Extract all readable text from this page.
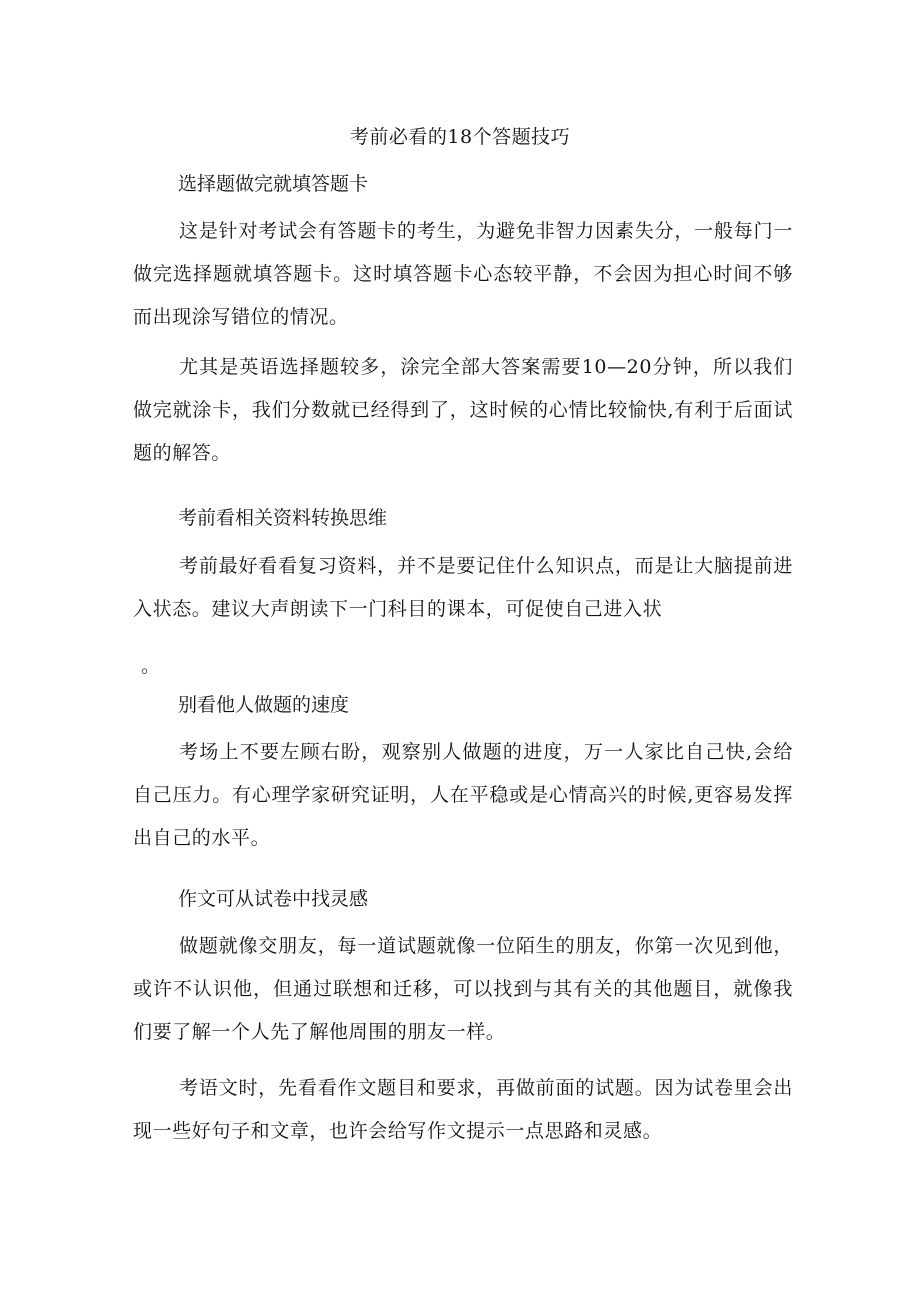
考前必看的18个答题技巧
选择题做完就填答题卡
这是针对考试会有答题卡的考生，为避免非智力因素失分，一般每门一做完选择题就填答题卡。这时填答题卡心态较平静，不会因为担心时间不够而出现涂写错位的情况。
尤其是英语选择题较多，涂完全部大答案需要10—20分钟，所以我们做完就涂卡，我们分数就已经得到了，这时候的心情比较愉快,有利于后面试题的解答。
考前看相关资料转换思维
考前最好看看复习资料，并不是要记住什么知识点，而是让大脑提前进入状态。建议大声朗读下一门科目的课本，可促使自己进入状
。
别看他人做题的速度
考场上不要左顾右盼，观察别人做题的进度，万一人家比自己快,会给自己压力。有心理学家研究证明，人在平稳或是心情高兴的时候,更容易发挥出自己的水平。
作文可从试卷中找灵感
做题就像交朋友，每一道试题就像一位陌生的朋友，你第一次见到他，或许不认识他，但通过联想和迁移，可以找到与其有关的其他题目，就像我们要了解一个人先了解他周围的朋友一样。
考语文时，先看看作文题目和要求，再做前面的试题。因为试卷里会出现一些好句子和文章，也许会给写作文提示一点思路和灵感。
